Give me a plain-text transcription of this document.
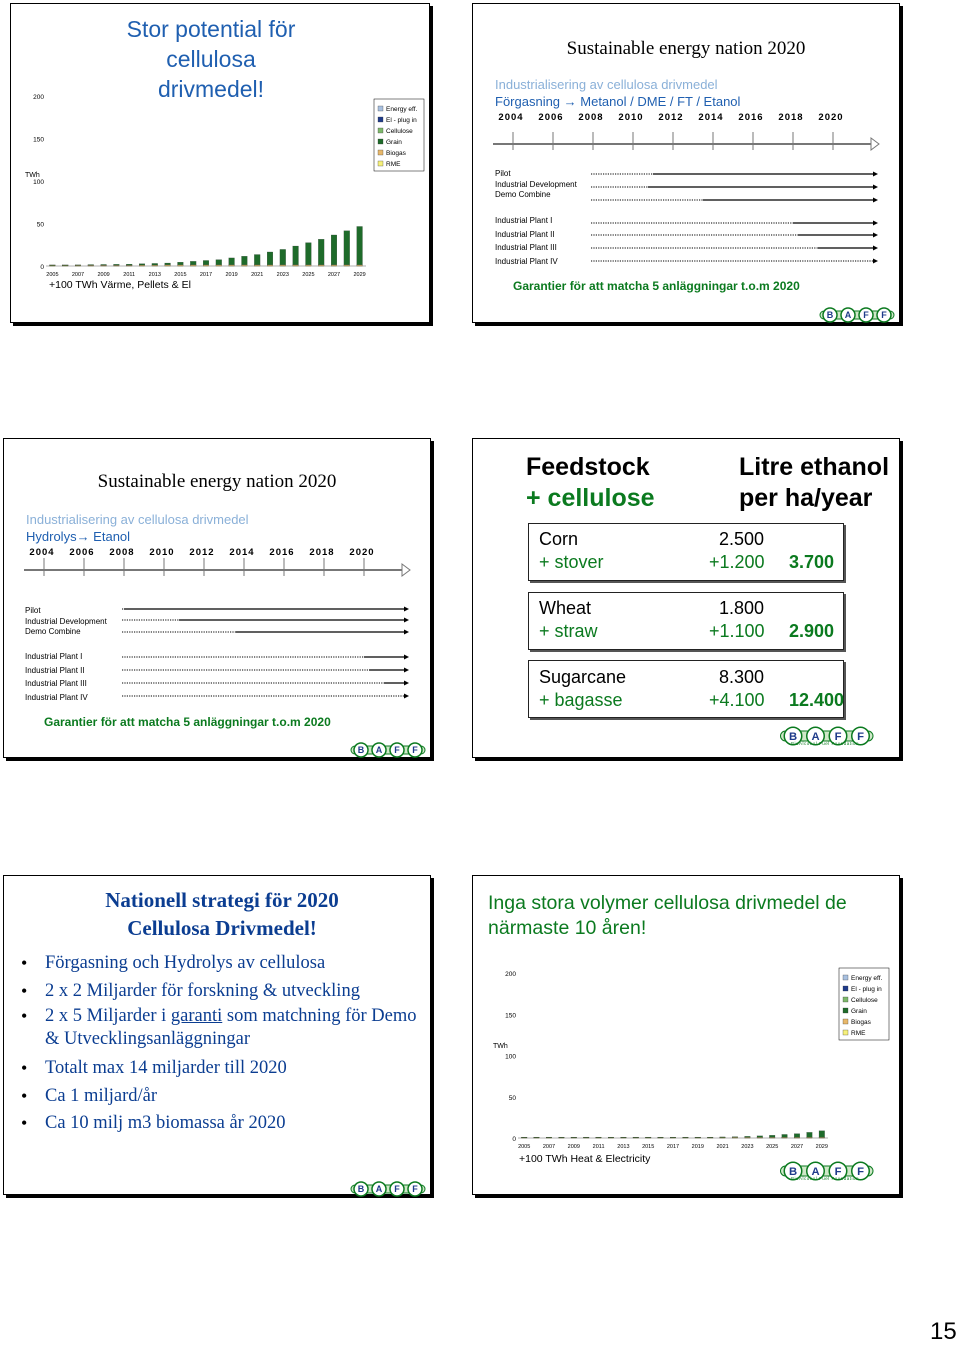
Stor potential för cellulosa drivmedel!
0
50
100
150
200
TWh
2005 2007 2009 2011 2013 2015 2017 2019 2021 2023 2025 2027 2029
Energy eff.
El - plug in
Cellulose
Grain
Biogas
RME
+100 TWh Värme, Pellets & El
Sustainable energy nation 2020
Industrialisering av cellulosa drivmedel
Förgasning → Metanol / DME / FT / Etanol
2004 2006 2008 2010 2012 2014 2016 2018 2020
Pilot
Industrial Development
Demo Combine
Industrial Plant I
Industrial Plant II
Industrial Plant III
Industrial Plant IV
Garantier för att matcha 5 anläggningar t.o.m 2020
B A F F
Sustainable energy nation 2020
Industrialisering av cellulosa drivmedel
Hydrolys→ Etanol
2004 2006 2008 2010 2012 2014 2016 2018 2020
Pilot
Industrial Development
Demo Combine
Industrial Plant I
Industrial Plant II
Industrial Plant III
Industrial Plant IV
Garantier för att matcha 5 anläggningar t.o.m 2020
B A F F
Feedstock
+ cellulose
Litre ethanol
per ha/year
Corn	2.500
+ stover	+1.200 3.700
Wheat	1.800
+ straw	+1.100 2.900
Sugarcane	8.300
+ bagasse	+4.100 12.400
B A F F
BioAlcohol Fuel Foundation
Nationell strategi för 2020
Cellulosa Drivmedel!
• Förgasning och Hydrolys av cellulosa
• 2 x 2 Miljarder för forskning & utveckling
• 2 x 5 Miljarder i garanti som matchning för Demo & Utvecklingsanläggningar
• Totalt max 14 miljarder till 2020
• Ca 1 miljard/år
• Ca 10 milj m3 biomassa år 2020
B A F F
Inga stora volymer cellulosa drivmedel de närmaste 10 åren!
0
50
100
150
200
TWh
2005 2007 2009 2011 2013 2015 2017 2019 2021 2023 2025 2027 2029
Energy eff.
El - plug in
Cellulose
Grain
Biogas
RME
+100 TWh Heat & Electricity
B A F F
BioAlcohol Fuel Foundation
15
